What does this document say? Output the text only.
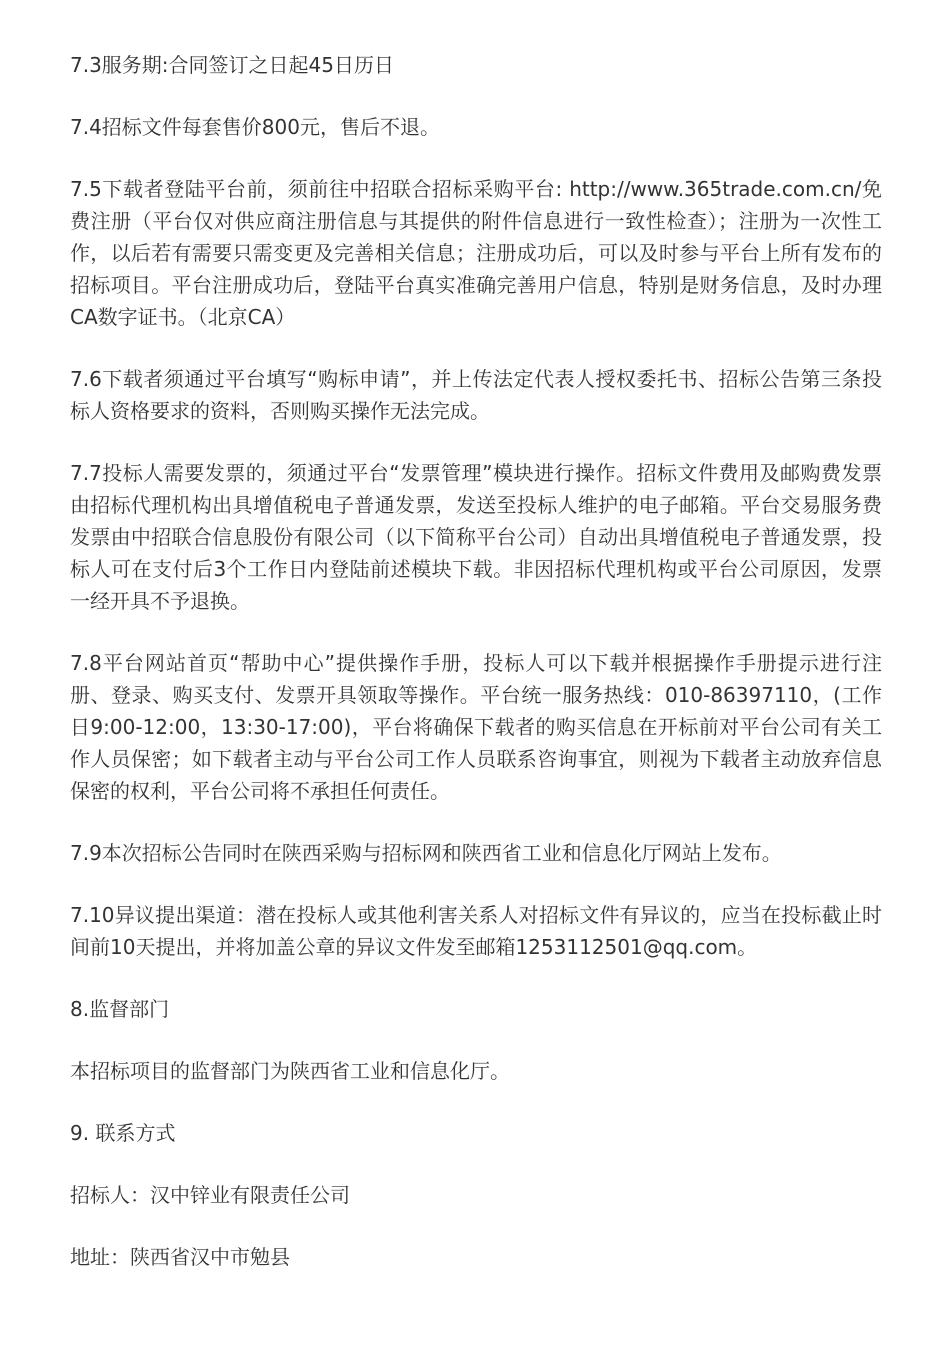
7.3服务期:合同签订之日起45日历日

7.4招标文件每套售价800元，售后不退。

7.5下载者登陆平台前，须前往中招联合招标采购平台: http://www.365trade.com.cn/免费注册（平台仅对供应商注册信息与其提供的附件信息进行一致性检查）；注册为一次性工作，以后若有需要只需变更及完善相关信息；注册成功后，可以及时参与平台上所有发布的招标项目。平台注册成功后，登陆平台真实准确完善用户信息，特别是财务信息，及时办理CA数字证书。（北京CA）

7.6下载者须通过平台填写“购标申请”，并上传法定代表人授权委托书、招标公告第三条投标人资格要求的资料，否则购买操作无法完成。

7.7投标人需要发票的，须通过平台“发票管理”模块进行操作。招标文件费用及邮购费发票由招标代理机构出具增值税电子普通发票，发送至投标人维护的电子邮箱。平台交易服务费发票由中招联合信息股份有限公司（以下简称平台公司）自动出具增值税电子普通发票，投标人可在支付后3个工作日内登陆前述模块下载。非因招标代理机构或平台公司原因，发票一经开具不予退换。

7.8平台网站首页“帮助中心”提供操作手册，投标人可以下载并根据操作手册提示进行注册、登录、购买支付、发票开具领取等操作。平台统一服务热线：010-86397110，(工作日9:00-12:00，13:30-17:00)，平台将确保下载者的购买信息在开标前对平台公司有关工作人员保密；如下载者主动与平台公司工作人员联系咨询事宜，则视为下载者主动放弃信息保密的权利，平台公司将不承担任何责任。

7.9本次招标公告同时在陕西采购与招标网和陕西省工业和信息化厅网站上发布。

7.10异议提出渠道：潜在投标人或其他利害关系人对招标文件有异议的，应当在投标截止时间前10天提出，并将加盖公章的异议文件发至邮箱1253112501@qq.com。

8.监督部门

本招标项目的监督部门为陕西省工业和信息化厅。

9. 联系方式

招标人：汉中锌业有限责任公司

地址：陕西省汉中市勉县
